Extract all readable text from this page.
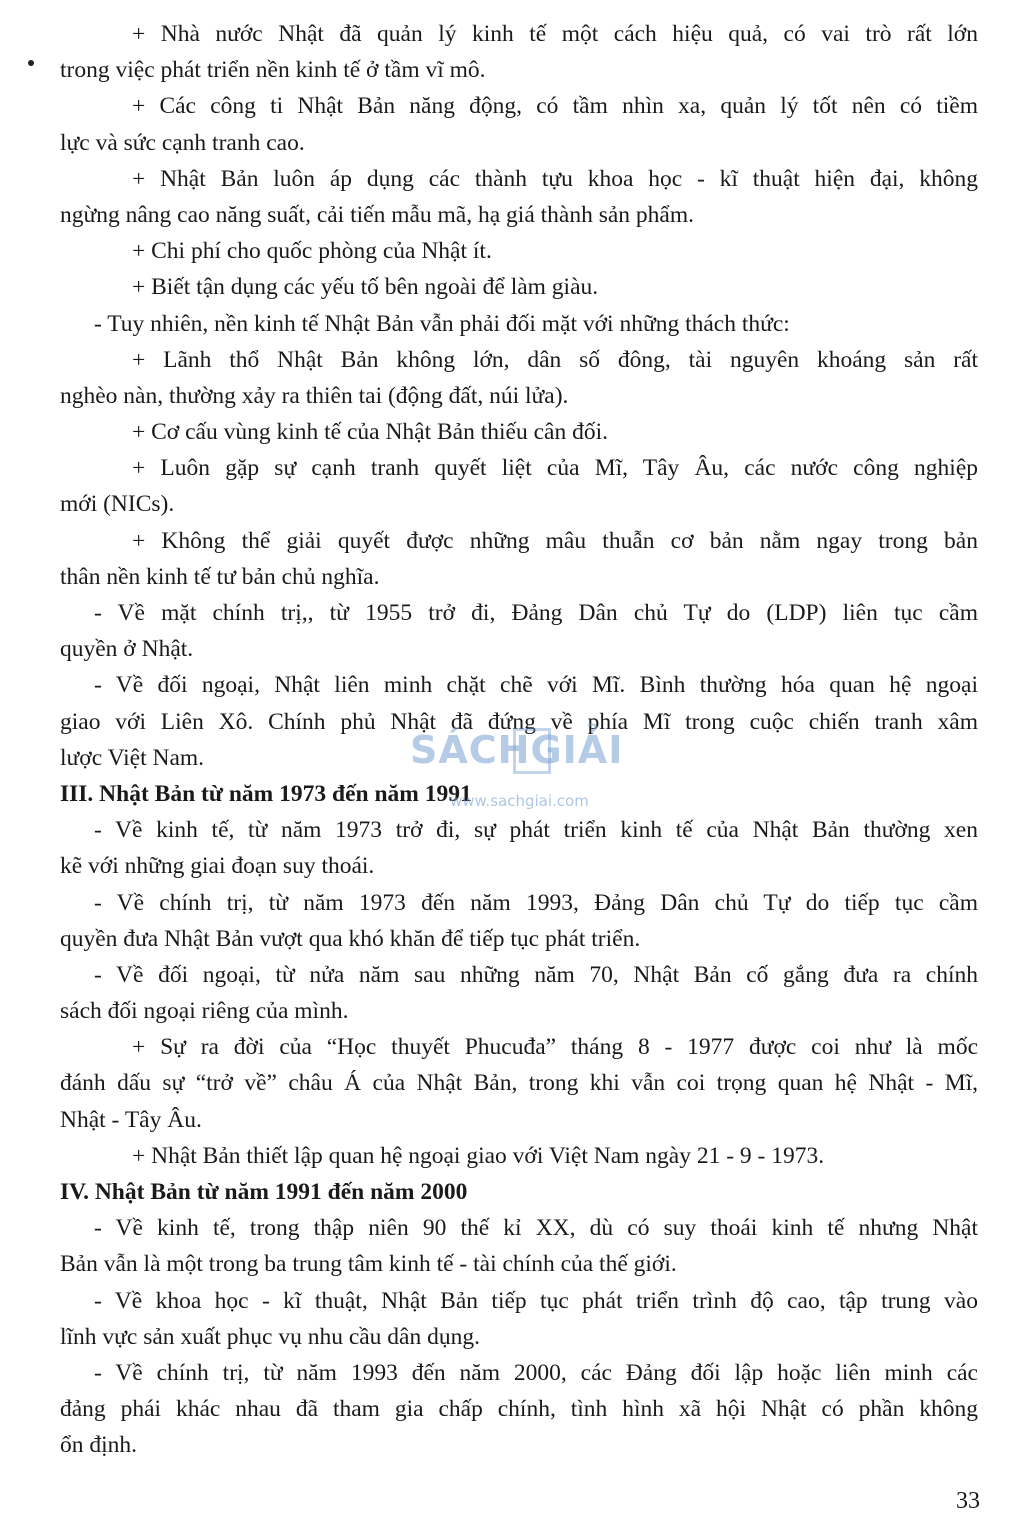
+ Nhà nước Nhật đã quản lý kinh tế một cách hiệu quả, có vai trò rất lớn
trong việc phát triển nền kinh tế ở tầm vĩ mô.
+ Các công ti Nhật Bản năng động, có tầm nhìn xa, quản lý tốt nên có tiềm
lực và sức cạnh tranh cao.
+ Nhật Bản luôn áp dụng các thành tựu khoa học - kĩ thuật hiện đại, không
ngừng nâng cao năng suất, cải tiến mẫu mã, hạ giá thành sản phẩm.
+ Chi phí cho quốc phòng của Nhật ít.
+ Biết tận dụng các yếu tố bên ngoài để làm giàu.
- Tuy nhiên, nền kinh tế Nhật Bản vẫn phải đối mặt với những thách thức:
+ Lãnh thổ Nhật Bản không lớn, dân số đông, tài nguyên khoáng sản rất
nghèo nàn, thường xảy ra thiên tai (động đất, núi lửa).
+ Cơ cấu vùng kinh tế của Nhật Bản thiếu cân đối.
+ Luôn gặp sự cạnh tranh quyết liệt của Mĩ, Tây Âu, các nước công nghiệp
mới (NICs).
+ Không thể giải quyết được những mâu thuẫn cơ bản nằm ngay trong bản
thân nền kinh tế tư bản chủ nghĩa.
- Về mặt chính trị,, từ 1955 trở đi, Đảng Dân chủ Tự do (LDP) liên tục cầm
quyền ở Nhật.
- Về đối ngoại, Nhật liên minh chặt chẽ với Mĩ. Bình thường hóa quan hệ ngoại
giao với Liên Xô. Chính phủ Nhật đã đứng về phía Mĩ trong cuộc chiến tranh xâm
lược Việt Nam.
III. Nhật Bản từ năm 1973 đến năm 1991
- Về kinh tế, từ năm 1973 trở đi, sự phát triển kinh tế của Nhật Bản thường xen
kẽ với những giai đoạn suy thoái.
- Về chính trị, từ năm 1973 đến năm 1993, Đảng Dân chủ Tự do tiếp tục cầm
quyền đưa Nhật Bản vượt qua khó khăn để tiếp tục phát triển.
- Về đối ngoại, từ nửa năm sau những năm 70, Nhật Bản cố gắng đưa ra chính
sách đối ngoại riêng của mình.
+ Sự ra đời của “Học thuyết Phucuđa” tháng 8 - 1977 được coi như là mốc
đánh dấu sự “trở về” châu Á của Nhật Bản, trong khi vẫn coi trọng quan hệ Nhật - Mĩ,
Nhật - Tây Âu.
+ Nhật Bản thiết lập quan hệ ngoại giao với Việt Nam ngày 21 - 9 - 1973.
IV. Nhật Bản từ năm 1991 đến năm 2000
- Về kinh tế, trong thập niên 90 thế kỉ XX, dù có suy thoái kinh tế nhưng Nhật
Bản vẫn là một trong ba trung tâm kinh tế - tài chính của thế giới.
- Về khoa học - kĩ thuật, Nhật Bản tiếp tục phát triển trình độ cao, tập trung vào
lĩnh vực sản xuất phục vụ nhu cầu dân dụng.
- Về chính trị, từ năm 1993 đến năm 2000, các Đảng đối lập hoặc liên minh các
đảng phái khác nhau đã tham gia chấp chính, tình hình xã hội Nhật có phần không
ổn định.
SÁCHGIẢI
www.sachgiai.com
33
